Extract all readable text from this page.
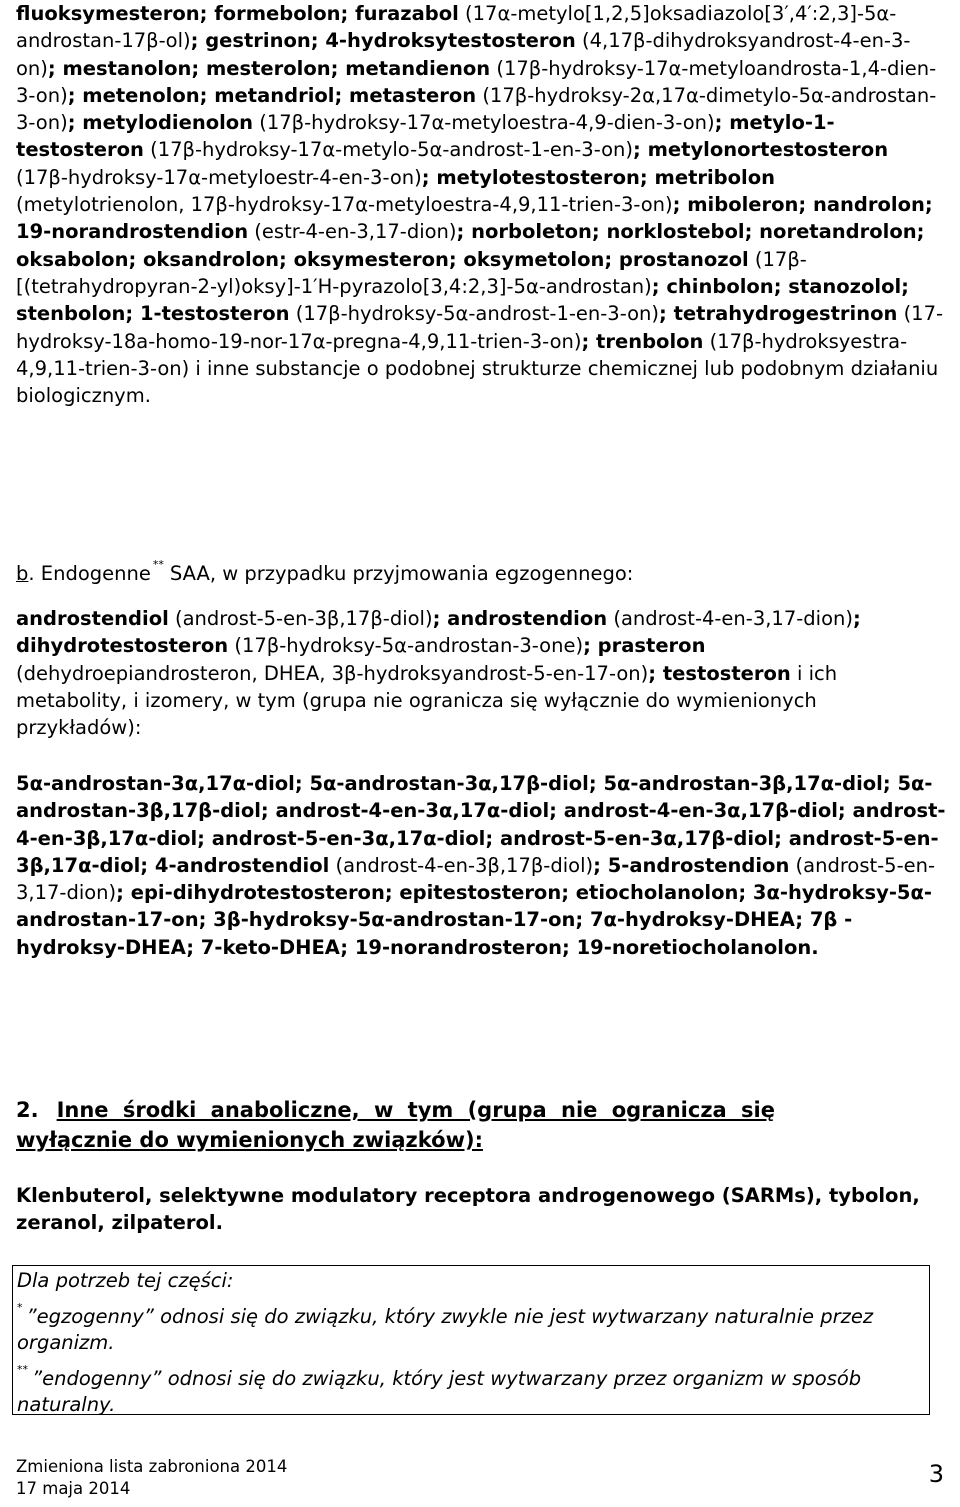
fluoksymesteron; formebolon; furazabol (17α-metylo[1,2,5]oksadiazolo[3′,4′:2,3]-5α-androstan-17β-ol); gestrinon; 4-hydroksytestosteron (4,17β-dihydroksyandrost-4-en-3-on); mestanolon; mesterolon; metandienon (17β-hydroksy-17α-metyloandrosta-1,4-dien-3-on); metenolon; metandriol; metasteron (17β-hydroksy-2α,17α-dimetylo-5α-androstan-3-on); metylodienolon (17β-hydroksy-17α-metyloestra-4,9-dien-3-on); metylo-1-testosteron (17β-hydroksy-17α-metylo-5α-androst-1-en-3-on); metylonortestosteron (17β-hydroksy-17α-metyloestr-4-en-3-on); metylotestosteron; metribolon (metylotrienolon, 17β-hydroksy-17α-metyloestra-4,9,11-trien-3-on); miboleron; nandrolon; 19-norandrostendion (estr-4-en-3,17-dion); norboleton; norklostebol; noretandrolon; oksabolon; oksandrolon; oksymesteron; oksymetolon; prostanozol (17β-[(tetrahydropyran-2-yl)oksy]-1′H-pyrazolo[3,4:2,3]-5α-androstan); chinbolon; stanozolol; stenbolon; 1-testosteron (17β-hydroksy-5α-androst-1-en-3-on); tetrahydrogestrinon (17-hydroksy-18a-homo-19-nor-17α-pregna-4,9,11-trien-3-on); trenbolon (17β-hydroksyestra-4,9,11-trien-3-on) i inne substancje o podobnej strukturze chemicznej lub podobnym działaniu biologicznym.
b. Endogenne ** SAA, w przypadku przyjmowania egzogennego:
androstendiol (androst-5-en-3β,17β-diol); androstendion (androst-4-en-3,17-dion); dihydrotestosteron (17β-hydroksy-5α-androstan-3-one); prasteron (dehydroepiandrosteron, DHEA, 3β-hydroksyandrost-5-en-17-on); testosteron i ich metabolity, i izomery, w tym (grupa nie ogranicza się wyłącznie do wymienionych przykładów):
5α-androstan-3α,17α-diol; 5α-androstan-3α,17β-diol; 5α-androstan-3β,17α-diol; 5α-androstan-3β,17β-diol; androst-4-en-3α,17α-diol; androst-4-en-3α,17β-diol; androst-4-en-3β,17α-diol; androst-5-en-3α,17α-diol; androst-5-en-3α,17β-diol; androst-5-en-3β,17α-diol; 4-androstendiol (androst-4-en-3β,17β-diol); 5-androstendion (androst-5-en-3,17-dion); epi-dihydrotestosteron; epitestosteron; etiocholanolon; 3α-hydroksy-5α-androstan-17-on; 3β-hydroksy-5α-androstan-17-on; 7α-hydroksy-DHEA; 7β -hydroksy-DHEA; 7-keto-DHEA; 19-norandrosteron; 19-noretiocholanolon.
2. Inne środki anaboliczne, w tym (grupa nie ogranicza się
wyłącznie do wymienionych związków):
Klenbuterol, selektywne modulatory receptora androgenowego (SARMs), tybolon, zeranol, zilpaterol.
Dla potrzeb tej części:
* ”egzogenny” odnosi się do związku, który zwykle nie jest wytwarzany naturalnie przez organizm.
** ”endogenny” odnosi się do związku, który jest wytwarzany przez organizm w sposób naturalny.
Zmieniona lista zabroniona 2014
17 maja 2014
3
